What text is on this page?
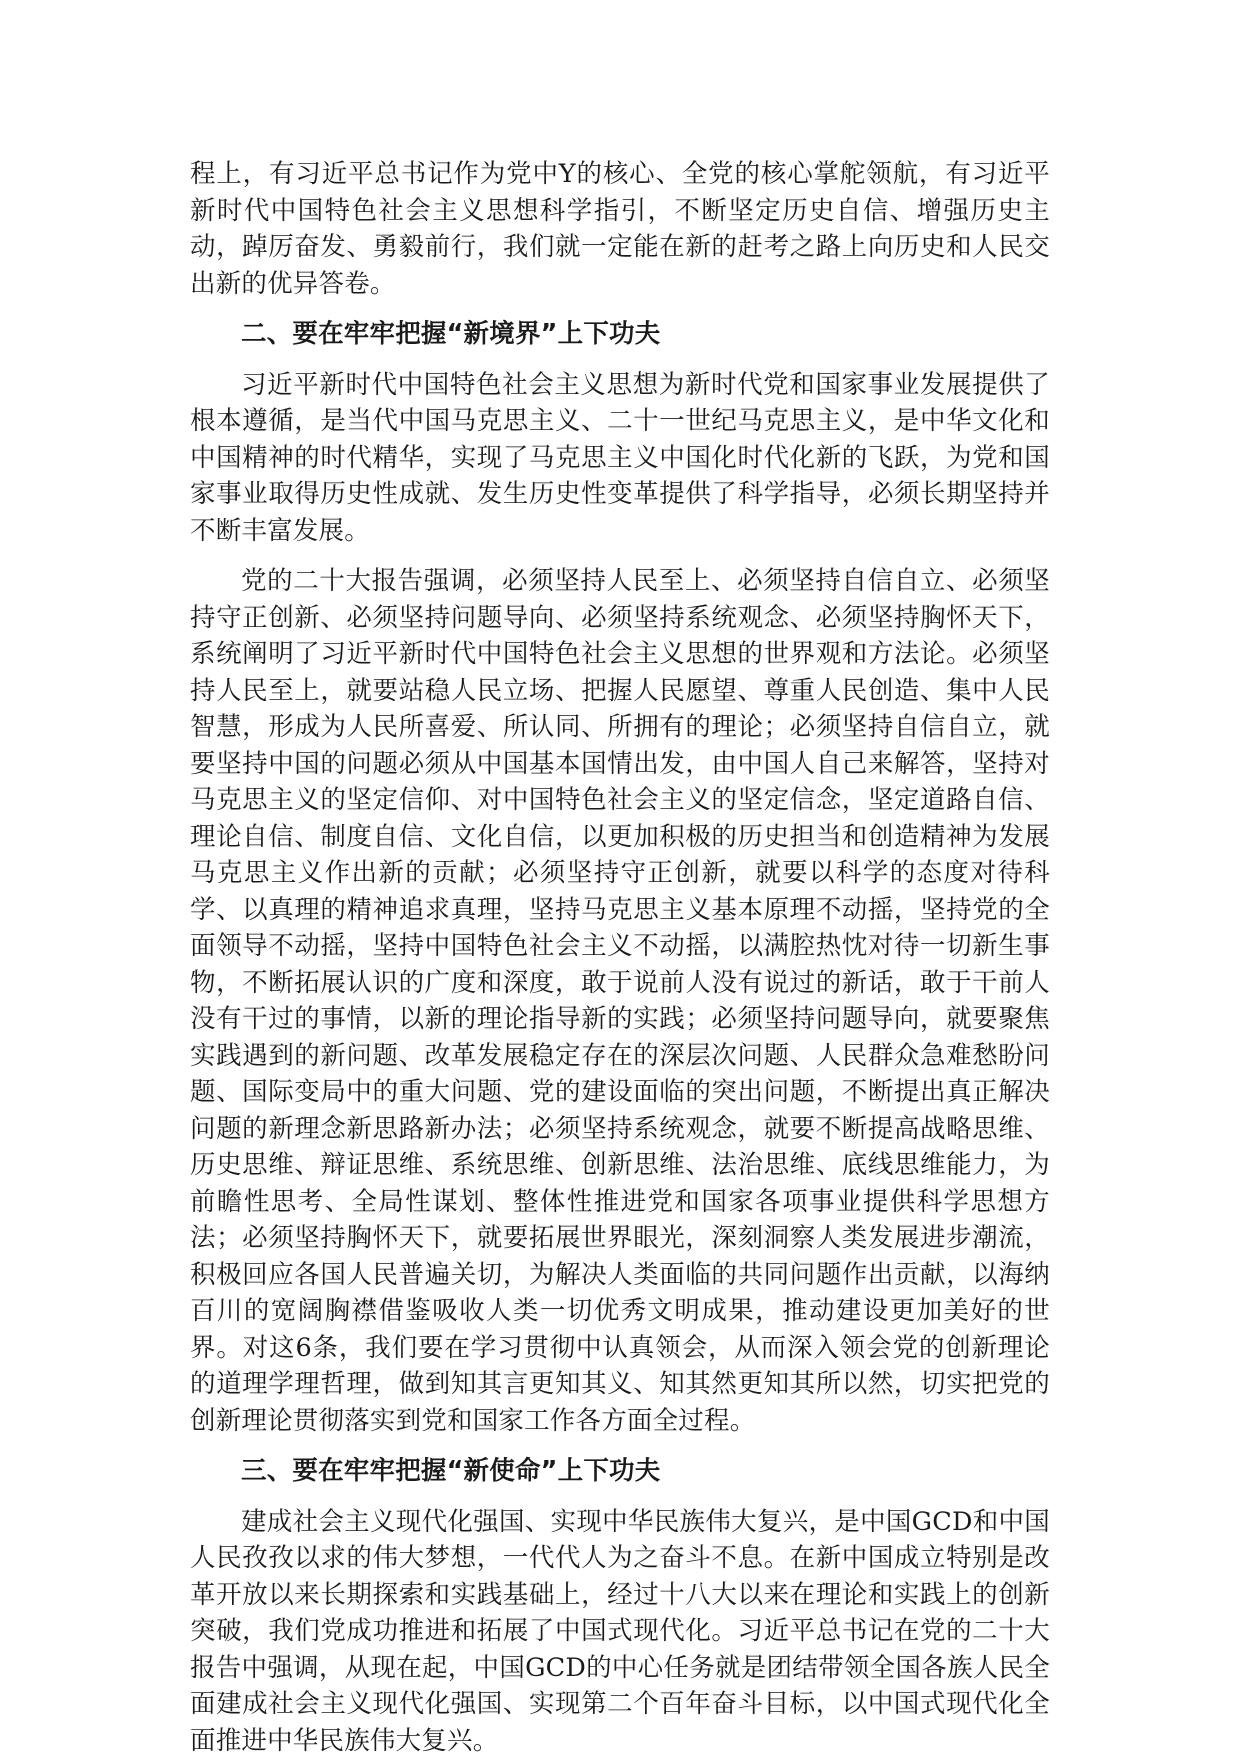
程上，有习近平总书记作为党中Y的核心、全党的核心掌舵领航，有习近平新时代中国特色社会主义思想科学指引，不断坚定历史自信、增强历史主动，踔厉奋发、勇毅前行，我们就一定能在新的赶考之路上向历史和人民交出新的优异答卷。

二、要在牢牢把握“新境界”上下功夫

习近平新时代中国特色社会主义思想为新时代党和国家事业发展提供了根本遵循，是当代中国马克思主义、二十一世纪马克思主义，是中华文化和中国精神的时代精华，实现了马克思主义中国化时代化新的飞跃，为党和国家事业取得历史性成就、发生历史性变革提供了科学指导，必须长期坚持并不断丰富发展。

党的二十大报告强调，必须坚持人民至上、必须坚持自信自立、必须坚持守正创新、必须坚持问题导向、必须坚持系统观念、必须坚持胸怀天下，系统阐明了习近平新时代中国特色社会主义思想的世界观和方法论。必须坚持人民至上，就要站稳人民立场、把握人民愿望、尊重人民创造、集中人民智慧，形成为人民所喜爱、所认同、所拥有的理论；必须坚持自信自立，就要坚持中国的问题必须从中国基本国情出发，由中国人自己来解答，坚持对马克思主义的坚定信仰、对中国特色社会主义的坚定信念，坚定道路自信、理论自信、制度自信、文化自信，以更加积极的历史担当和创造精神为发展马克思主义作出新的贡献；必须坚持守正创新，就要以科学的态度对待科学、以真理的精神追求真理，坚持马克思主义基本原理不动摇，坚持党的全面领导不动摇，坚持中国特色社会主义不动摇，以满腔热忱对待一切新生事物，不断拓展认识的广度和深度，敢于说前人没有说过的新话，敢于干前人没有干过的事情，以新的理论指导新的实践；必须坚持问题导向，就要聚焦实践遇到的新问题、改革发展稳定存在的深层次问题、人民群众急难愁盼问题、国际变局中的重大问题、党的建设面临的突出问题，不断提出真正解决问题的新理念新思路新办法；必须坚持系统观念，就要不断提高战略思维、历史思维、辩证思维、系统思维、创新思维、法治思维、底线思维能力，为前瞻性思考、全局性谋划、整体性推进党和国家各项事业提供科学思想方法；必须坚持胸怀天下，就要拓展世界眼光，深刻洞察人类发展进步潮流，积极回应各国人民普遍关切，为解决人类面临的共同问题作出贡献，以海纳百川的宽阔胸襟借鉴吸收人类一切优秀文明成果，推动建设更加美好的世界。对这6条，我们要在学习贯彻中认真领会，从而深入领会党的创新理论的道理学理哲理，做到知其言更知其义、知其然更知其所以然，切实把党的创新理论贯彻落实到党和国家工作各方面全过程。

三、要在牢牢把握“新使命”上下功夫

建成社会主义现代化强国、实现中华民族伟大复兴，是中国GCD和中国人民孜孜以求的伟大梦想，一代代人为之奋斗不息。在新中国成立特别是改革开放以来长期探索和实践基础上，经过十八大以来在理论和实践上的创新突破，我们党成功推进和拓展了中国式现代化。习近平总书记在党的二十大报告中强调，从现在起，中国GCD的中心任务就是团结带领全国各族人民全面建成社会主义现代化强国、实现第二个百年奋斗目标，以中国式现代化全面推进中华民族伟大复兴。
